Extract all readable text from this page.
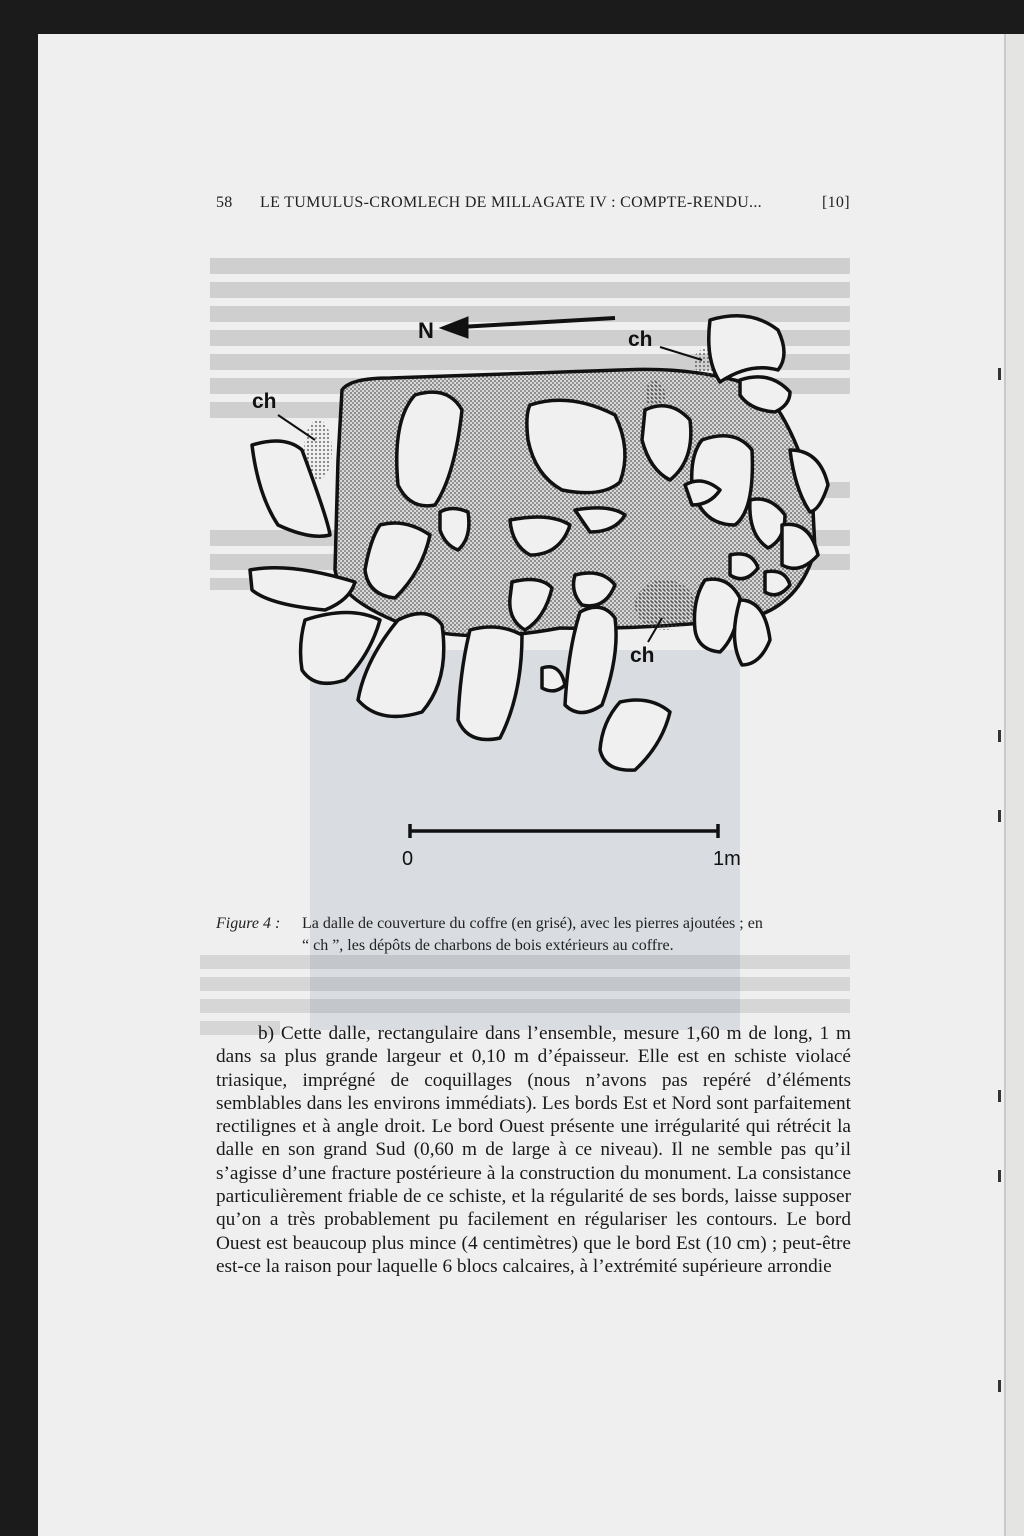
58 LE TUMULUS-CROMLECH DE MILLAGATE IV : COMPTE-RENDU...	[10]
N	ch
ch
ch
0	1m
Figure 4 : La dalle de couverture du coffre (en grisé), avec les pierres ajoutées ; en
“ ch ”, les dépôts de charbons de bois extérieurs au coffre.

b) Cette dalle, rectangulaire dans l’ensemble, mesure 1,60 m de long, 1 m dans sa plus grande largeur et 0,10 m d’épaisseur. Elle est en schiste violacé triasique, imprégné de coquillages (nous n’avons pas repéré d’éléments semblables dans les environs immédiats). Les bords Est et Nord sont parfaitement rectilignes et à angle droit. Le bord Ouest présente une irrégularité qui rétrécit la dalle en son grand Sud (0,60 m de large à ce niveau). Il ne semble pas qu’il s’agisse d’une fracture postérieure à la construction du monument. La consistance particulièrement friable de ce schiste, et la régularité de ses bords, laisse supposer qu’on a très probablement pu facilement en régulariser les contours. Le bord Ouest est beaucoup plus mince (4 centimètres) que le bord Est (10 cm) ; peut-être est-ce la raison pour laquelle 6 blocs calcaires, à l’extrémité supérieure arrondie
